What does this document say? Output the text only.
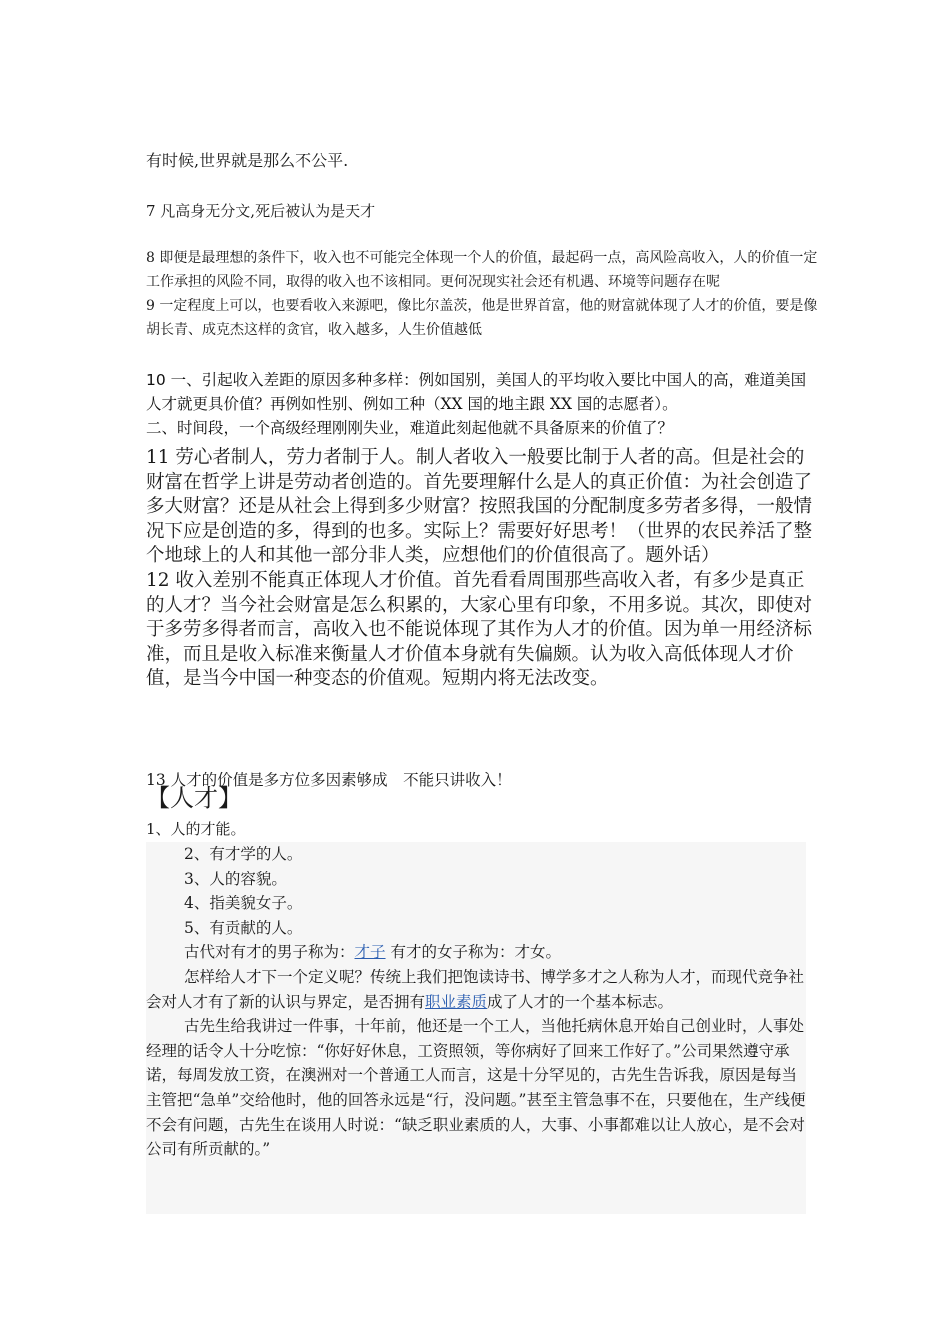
有时候,世界就是那么不公平.

7 凡高身无分文,死后被认为是天才

8 即便是最理想的条件下，收入也不可能完全体现一个人的价值，最起码一点，高风险高收入，人的价值一定工作承担的风险不同，取得的收入也不该相同。更何况现实社会还有机遇、环境等问题存在呢

9 一定程度上可以，也要看收入来源吧，像比尔盖茨，他是世界首富，他的财富就体现了人才的价值，要是像胡长青、成克杰这样的贪官，收入越多，人生价值越低

10 一、引起收入差距的原因多种多样：例如国别，美国人的平均收入要比中国人的高，难道美国人才就更具价值？再例如性别、例如工种（XX 国的地主跟 XX 国的志愿者）。

二、时间段，一个高级经理刚刚失业，难道此刻起他就不具备原来的价值了？

11 劳心者制人，劳力者制于人。制人者收入一般要比制于人者的高。但是社会的财富在哲学上讲是劳动者创造的。首先要理解什么是人的真正价值：为社会创造了多大财富？还是从社会上得到多少财富？按照我国的分配制度多劳者多得，一般情况下应是创造的多，得到的也多。实际上？需要好好思考！（世界的农民养活了整个地球上的人和其他一部分非人类，应想他们的价值很高了。题外话）

12 收入差别不能真正体现人才价值。首先看看周围那些高收入者，有多少是真正的人才？当今社会财富是怎么积累的，大家心里有印象，不用多说。其次，即使对于多劳多得者而言，高收入也不能说体现了其作为人才的价值。因为单一用经济标准，而且是收入标准来衡量人才价值本身就有失偏颇。认为收入高低体现人才价值，是当今中国一种变态的价值观。短期内将无法改变。

13 人才的价值是多方位多因素够成　不能只讲收入！

【人才】

1、人的才能。

2、有才学的人。

3、人的容貌。

4、指美貌女子。

5、有贡献的人。

古代对有才的男子称为：才子 有才的女子称为：才女。

怎样给人才下一个定义呢？传统上我们把饱读诗书、博学多才之人称为人才，而现代竞争社会对人才有了新的认识与界定，是否拥有职业素质成了人才的一个基本标志。

古先生给我讲过一件事，十年前，他还是一个工人，当他托病休息开始自己创业时，人事处经理的话令人十分吃惊：“你好好休息，工资照领，等你病好了回来工作好了。”公司果然遵守承诺，每周发放工资，在澳洲对一个普通工人而言，这是十分罕见的，古先生告诉我，原因是每当主管把“急单”交给他时，他的回答永远是“行，没问题。”甚至主管急事不在，只要他在，生产线便不会有问题，古先生在谈用人时说：“缺乏职业素质的人，大事、小事都难以让人放心，是不会对公司有所贡献的。”
